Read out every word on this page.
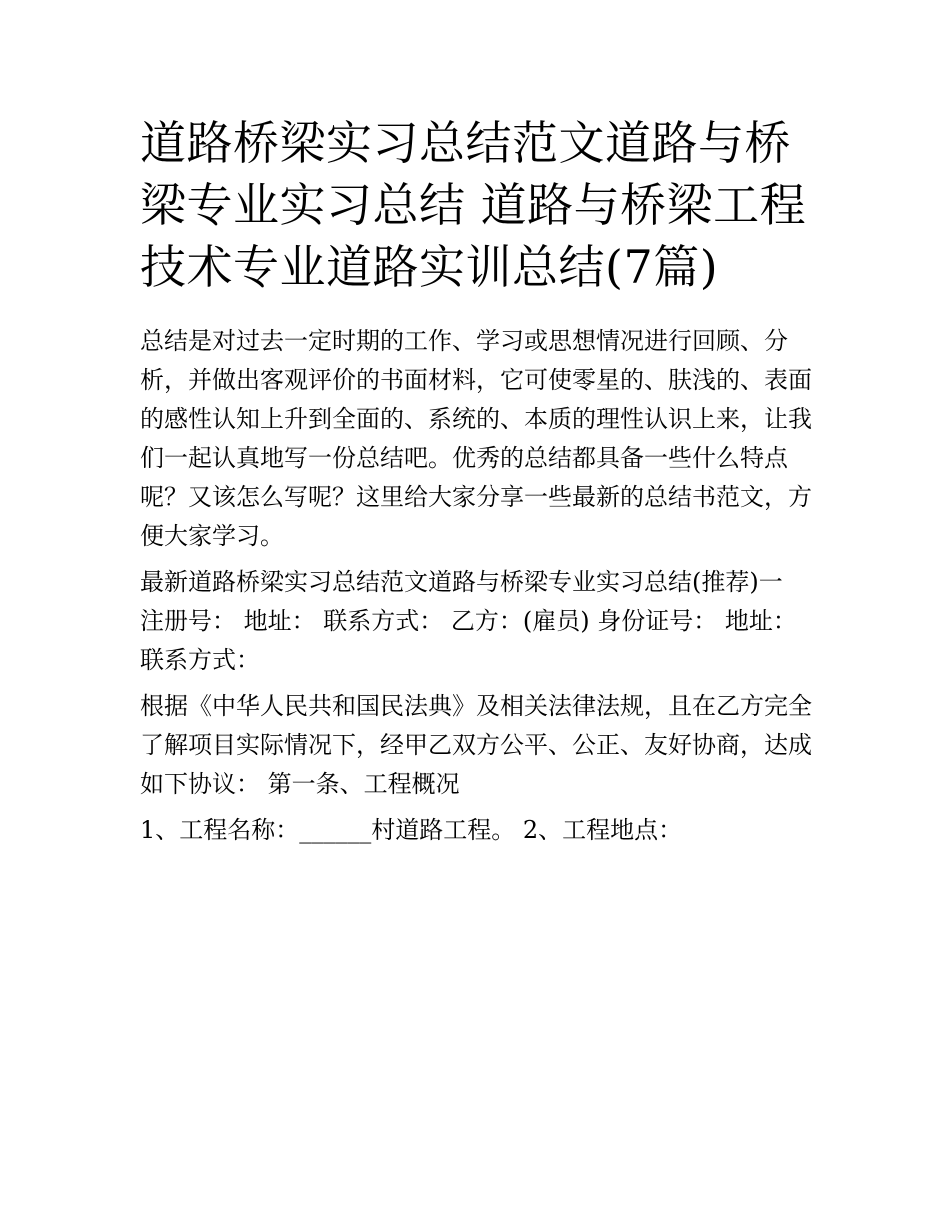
道路桥梁实习总结范文道路与桥梁专业实习总结 道路与桥梁工程技术专业道路实训总结(7篇)

总结是对过去一定时期的工作、学习或思想情况进行回顾、分析，并做出客观评价的书面材料，它可使零星的、肤浅的、表面的感性认知上升到全面的、系统的、本质的理性认识上来，让我们一起认真地写一份总结吧。优秀的总结都具备一些什么特点呢？又该怎么写呢？这里给大家分享一些最新的总结书范文，方便大家学习。

最新道路桥梁实习总结范文道路与桥梁专业实习总结(推荐)一

注册号： 地址： 联系方式： 乙方：(雇员) 身份证号： 地址： 联系方式：

根据《中华人民共和国民法典》及相关法律法规，且在乙方完全了解项目实际情况下，经甲乙双方公平、公正、友好协商，达成如下协议： 第一条、工程概况

1、工程名称：______村道路工程。 2、工程地点：
